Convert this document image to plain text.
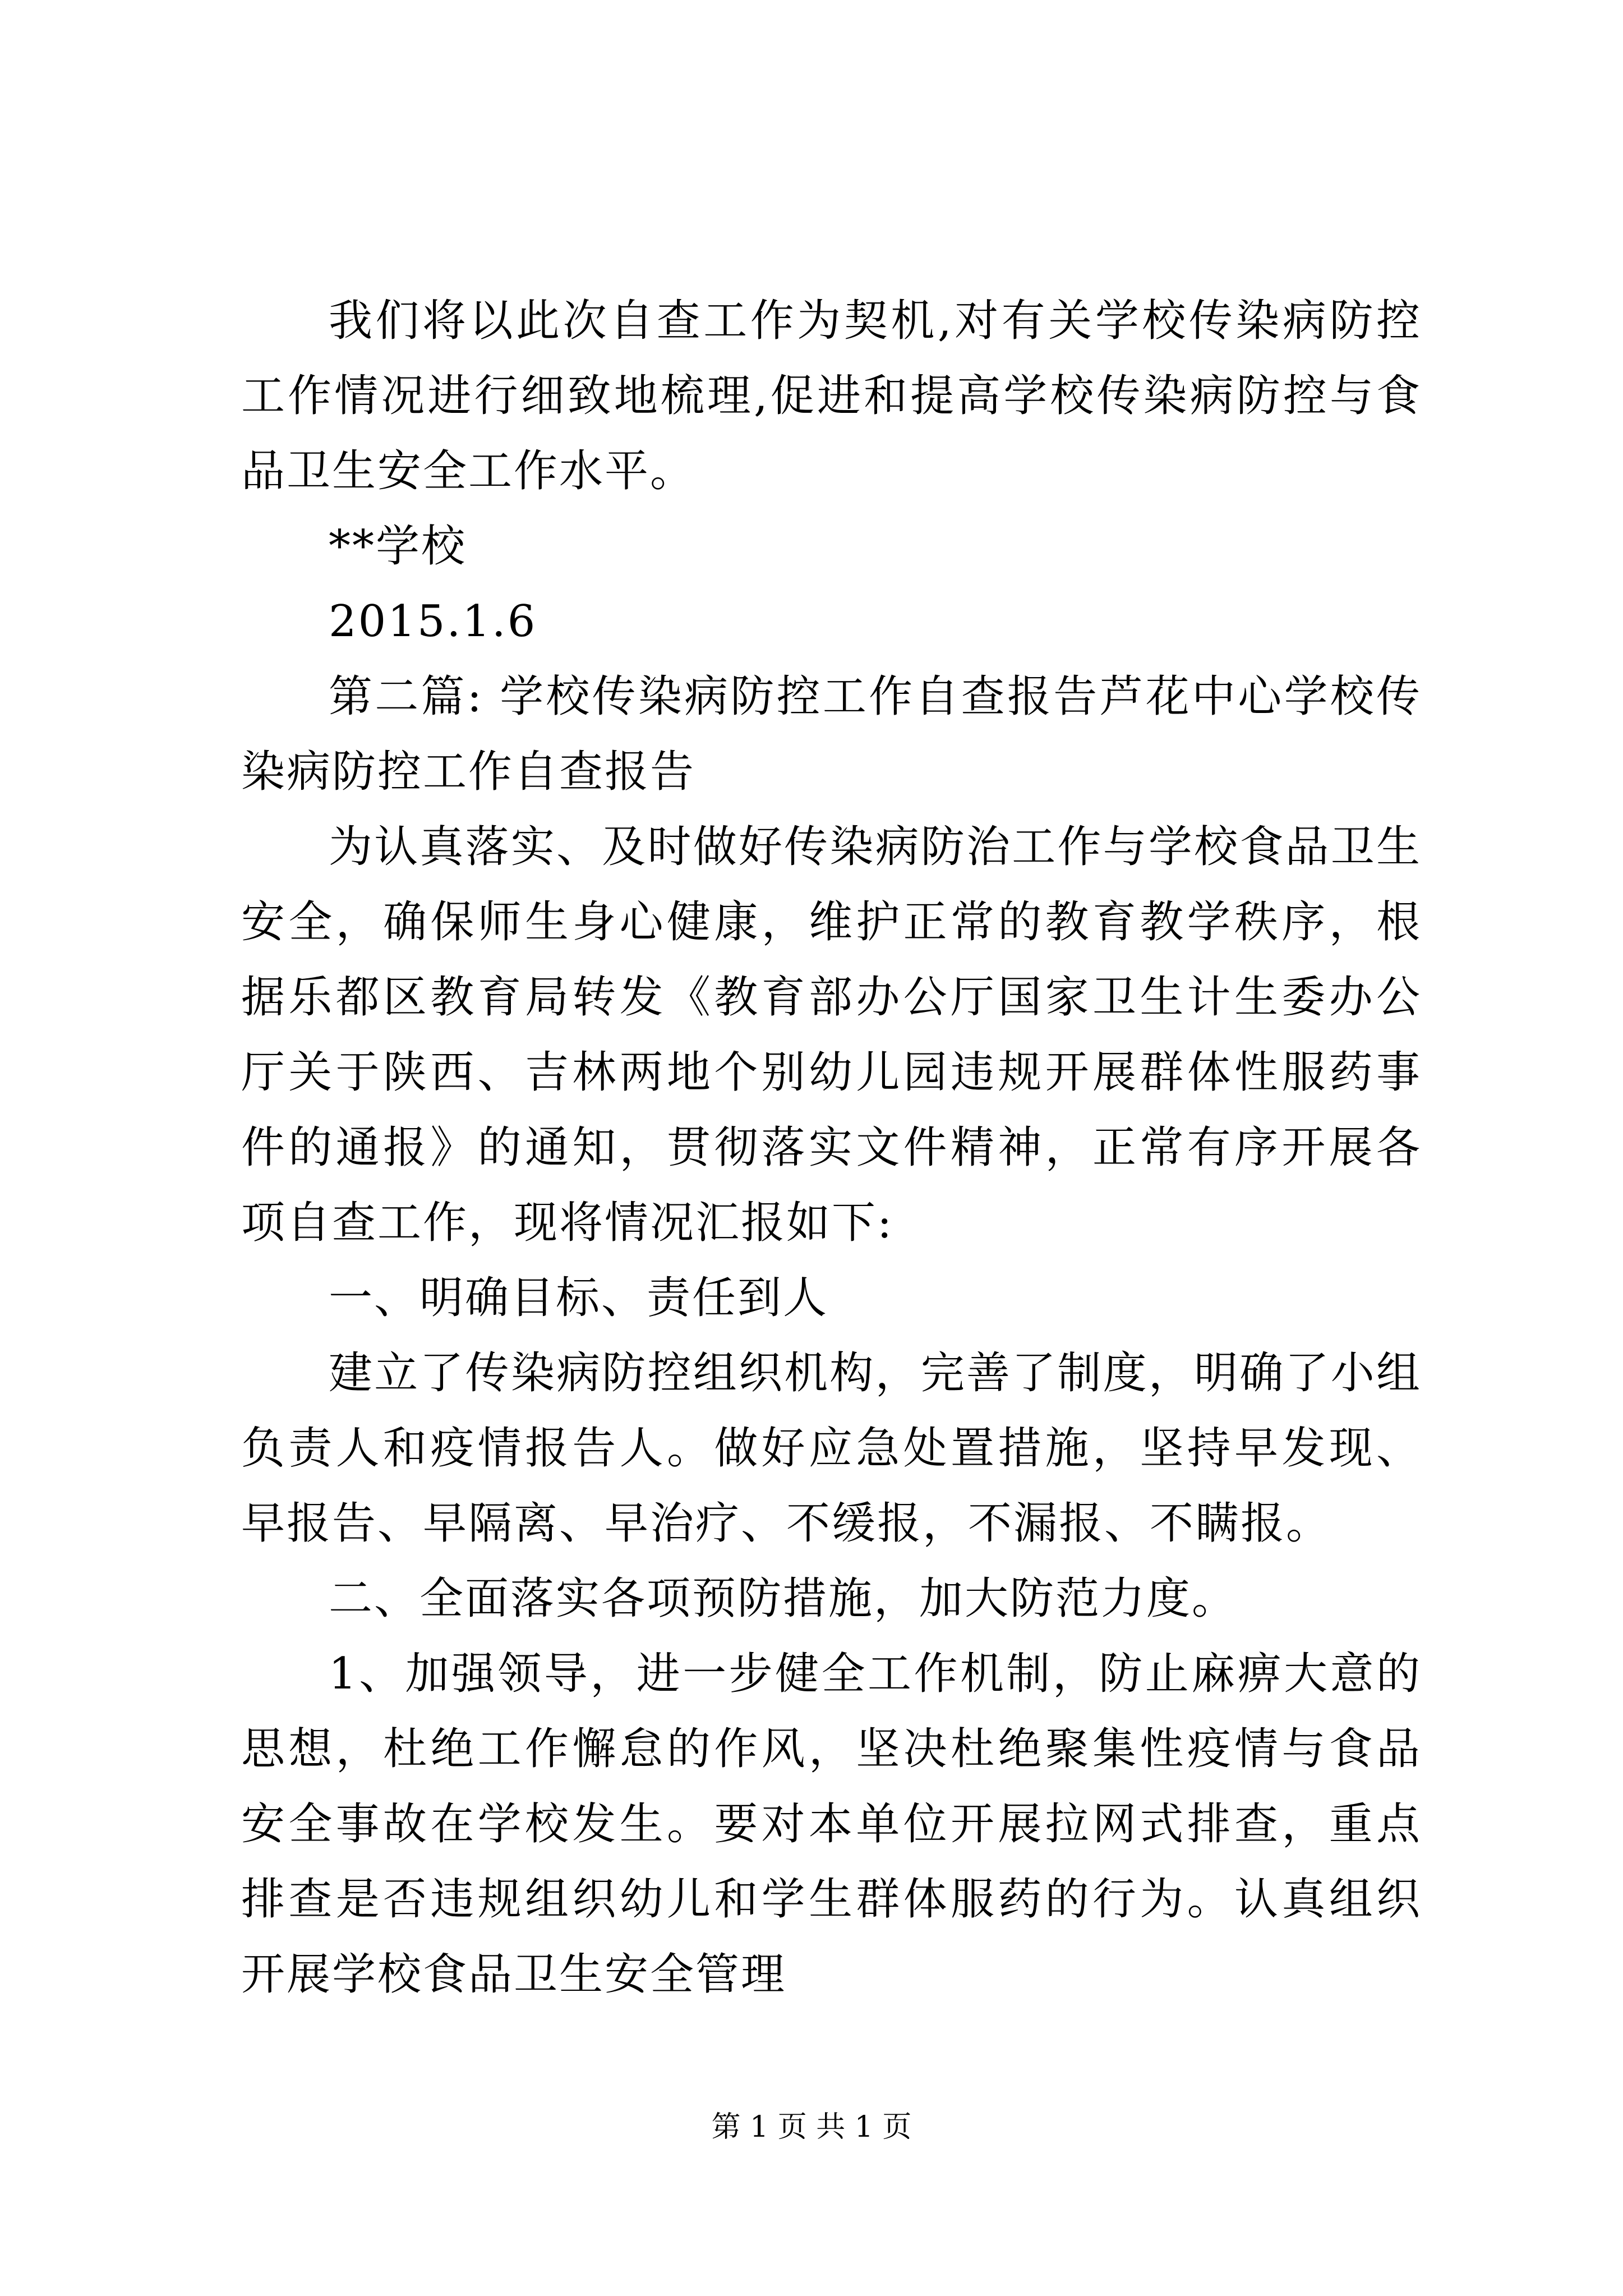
我们将以此次自查工作为契机,对有关学校传染病防控工作情况进行细致地梳理,促进和提高学校传染病防控与食品卫生安全工作水平。

**学校

2015.1.6

第二篇: 学校传染病防控工作自查报告芦花中心学校传染病防控工作自查报告

为认真落实、及时做好传染病防治工作与学校食品卫生安全，确保师生身心健康，维护正常的教育教学秩序，根据乐都区教育局转发《教育部办公厅国家卫生计生委办公厅关于陕西、吉林两地个别幼儿园违规开展群体性服药事件的通报》的通知，贯彻落实文件精神，正常有序开展各项自查工作，现将情况汇报如下:

一、明确目标、责任到人

建立了传染病防控组织机构，完善了制度，明确了小组负责人和疫情报告人。做好应急处置措施，坚持早发现、早报告、早隔离、早治疗、不缓报，不漏报、不瞒报。

二、全面落实各项预防措施，加大防范力度。

1、加强领导，进一步健全工作机制，防止麻痹大意的思想，杜绝工作懈怠的作风，坚决杜绝聚集性疫情与食品安全事故在学校发生。要对本单位开展拉网式排查，重点排查是否违规组织幼儿和学生群体服药的行为。认真组织开展学校食品卫生安全管理

第 1 页 共 1 页
